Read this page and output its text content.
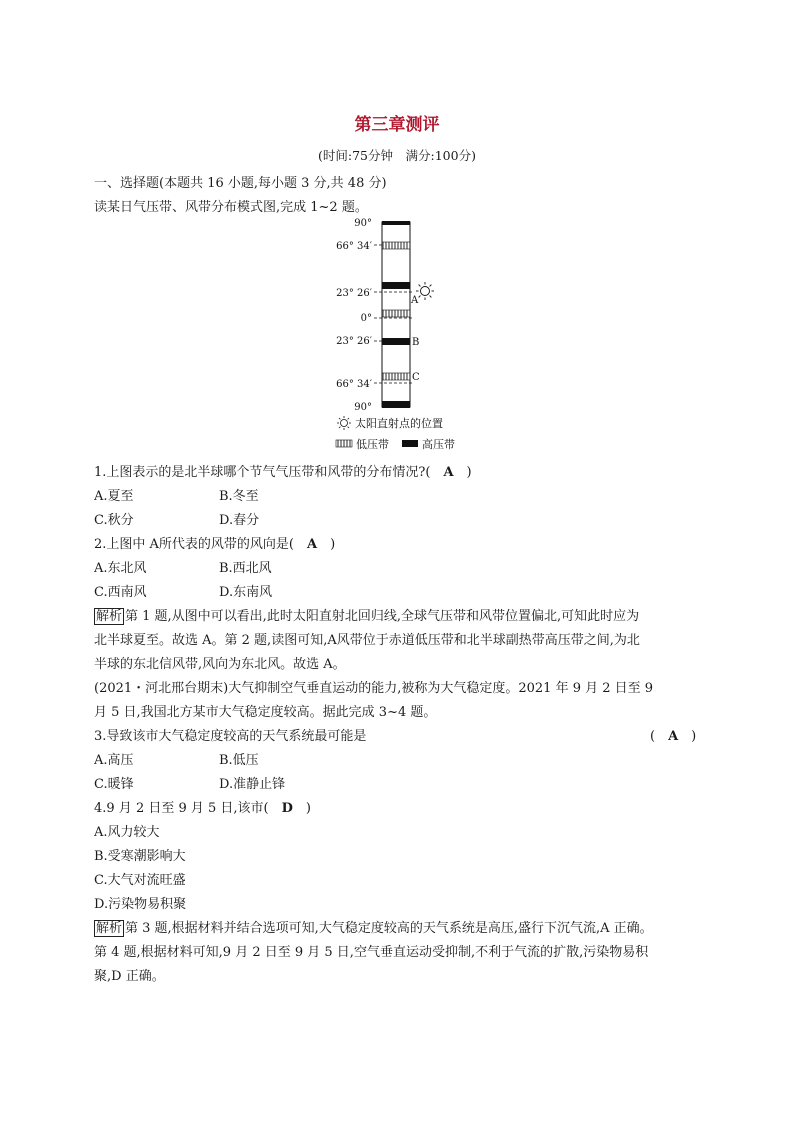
第三章测评
(时间:75分钟　满分:100分)
一、选择题(本题共 16 小题,每小题 3 分,共 48 分)
读某日气压带、风带分布模式图,完成 1~2 题。
90°
66° 34′
23° 26′
0°
23° 26′
66° 34′
90°
A
B
C
太阳直射点的位置
低压带	高压带
1.上图表示的是北半球哪个节气气压带和风带的分布情况?(　A　)
A.夏至	B.冬至
C.秋分	D.春分
2.上图中 A所代表的风带的风向是(　A　)
A.东北风	B.西北风
C.西南风	D.东南风
解析 第 1 题,从图中可以看出,此时太阳直射北回归线,全球气压带和风带位置偏北,可知此时应为
北半球夏至。故选 A。第 2 题,读图可知,A风带位于赤道低压带和北半球副热带高压带之间,为北
半球的东北信风带,风向为东北风。故选 A。
(2021・河北邢台期末)大气抑制空气垂直运动的能力,被称为大气稳定度。2021 年 9 月 2 日至 9
月 5 日,我国北方某市大气稳定度较高。据此完成 3~4 题。
3.导致该市大气稳定度较高的天气系统最可能是	(　A　)
A.高压	B.低压
C.暖锋	D.准静止锋
4.9 月 2 日至 9 月 5 日,该市(　D　)
A.风力较大
B.受寒潮影响大
C.大气对流旺盛
D.污染物易积聚
解析 第 3 题,根据材料并结合选项可知,大气稳定度较高的天气系统是高压,盛行下沉气流,A 正确。
第 4 题,根据材料可知,9 月 2 日至 9 月 5 日,空气垂直运动受抑制,不利于气流的扩散,污染物易积
聚,D 正确。
